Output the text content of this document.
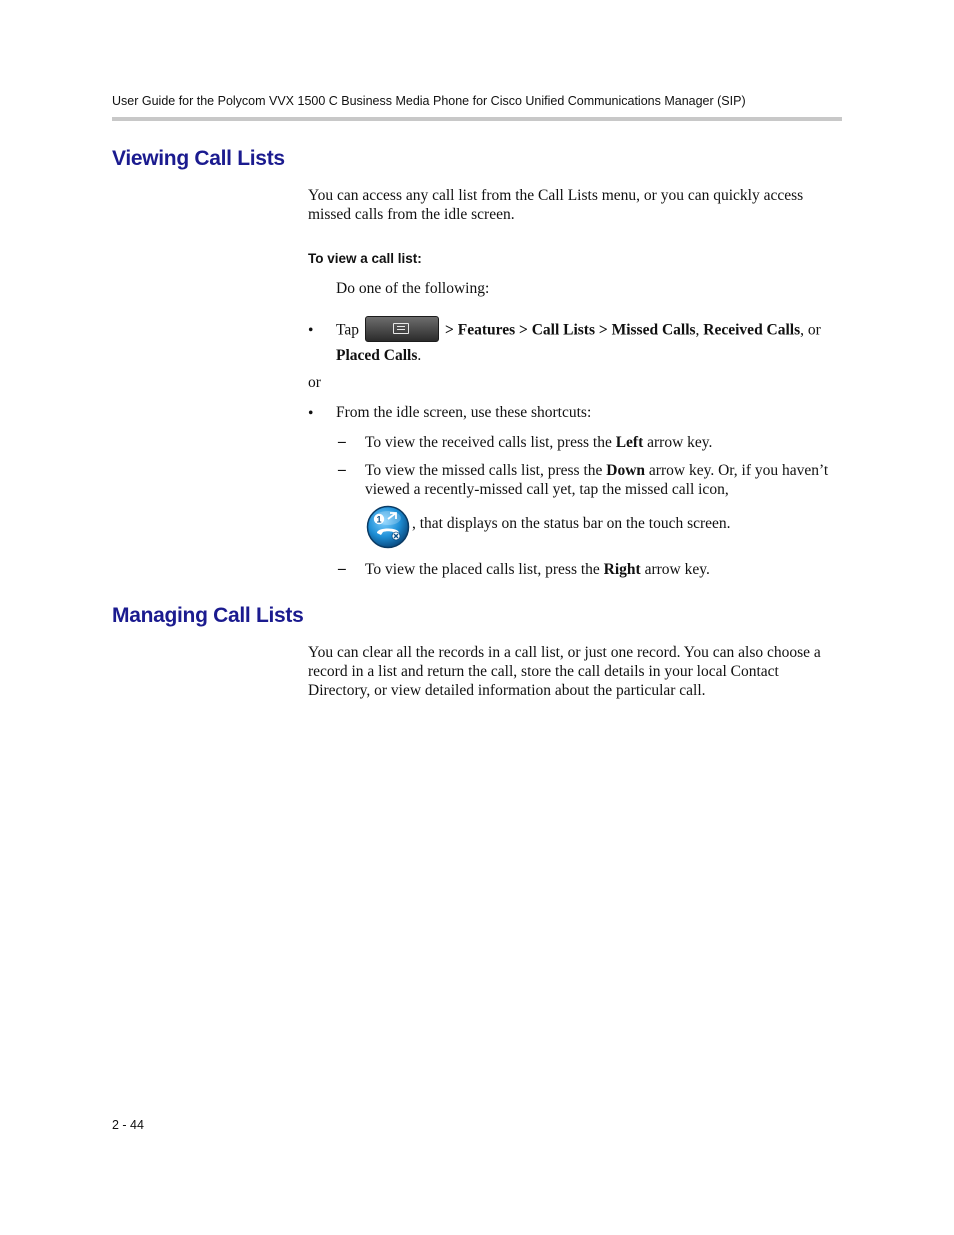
User Guide for the Polycom VVX 1500 C Business Media Phone for Cisco Unified Communications Manager (SIP)
Viewing Call Lists
You can access any call list from the Call Lists menu, or you can quickly access missed calls from the idle screen.
To view a call list:
Do one of the following:
• Tap	> Features > Call Lists > Missed Calls, Received Calls, or Placed Calls.
or
• From the idle screen, use these shortcuts:
– To view the received calls list, press the Left arrow key.
– To view the missed calls list, press the Down arrow key. Or, if you haven’t viewed a recently-missed call yet, tap the missed call icon,
1 , that displays on the status bar on the touch screen.
– To view the placed calls list, press the Right arrow key.
Managing Call Lists
You can clear all the records in a call list, or just one record. You can also choose a record in a list and return the call, store the call details in your local Contact Directory, or view detailed information about the particular call.
2 - 44
